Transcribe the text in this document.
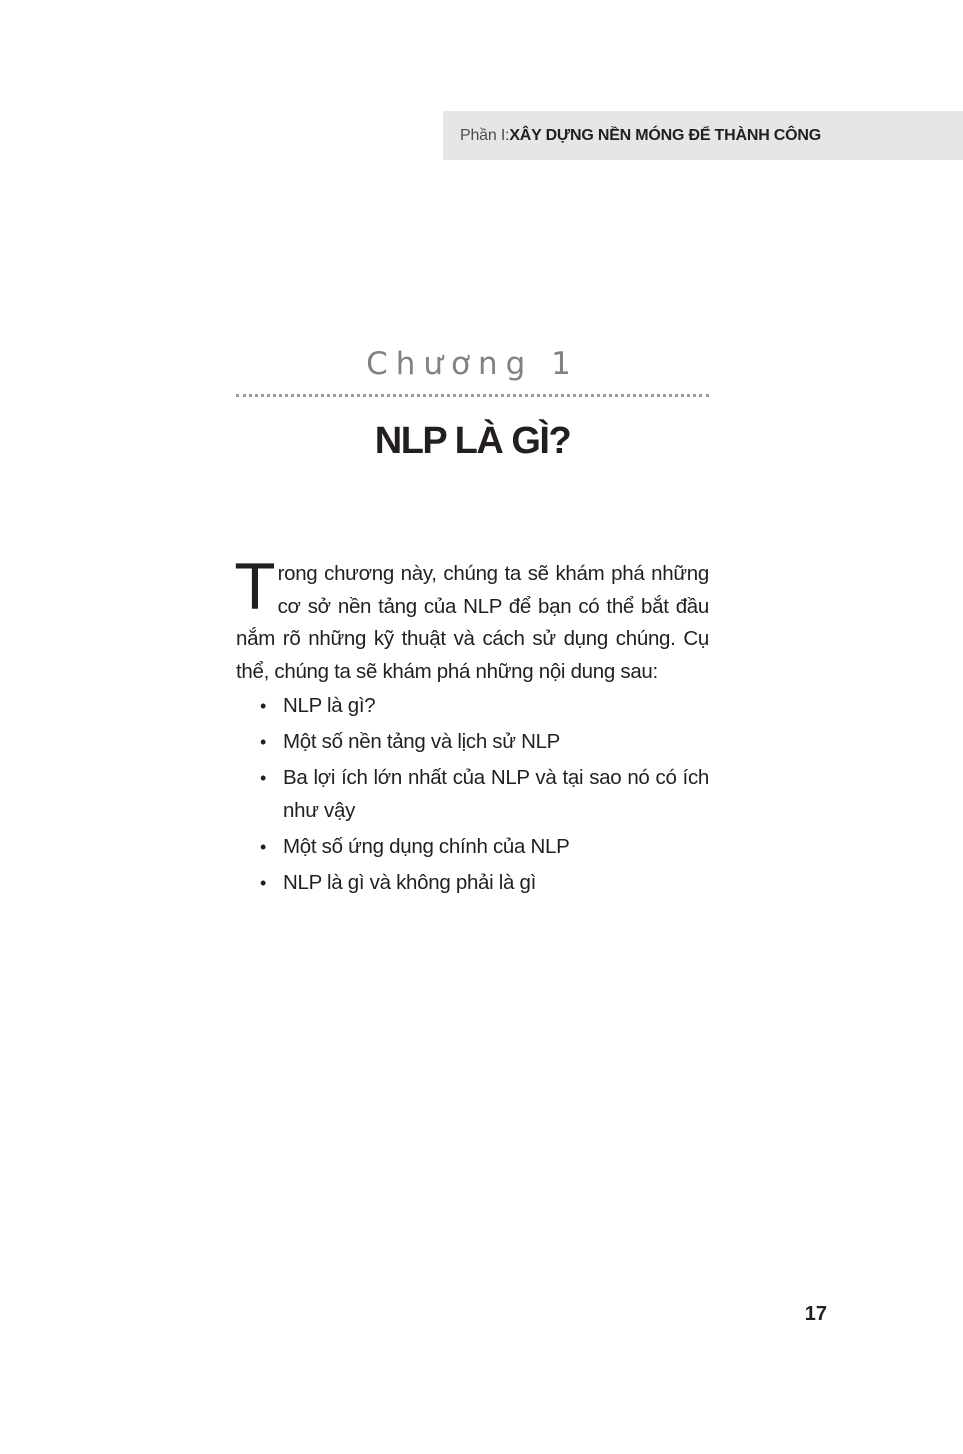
Phần I: XÂY DỰNG NỀN MÓNG ĐỂ THÀNH CÔNG
Chương 1
NLP LÀ GÌ?
T rong chương này, chúng ta sẽ khám phá những cơ sở nền tảng của NLP để bạn có thể bắt đầu nắm rõ những kỹ thuật và cách sử dụng chúng. Cụ thể, chúng ta sẽ khám phá những nội dung sau:
• NLP là gì?
• Một số nền tảng và lịch sử NLP
• Ba lợi ích lớn nhất của NLP và tại sao nó có ích như vậy
• Một số ứng dụng chính của NLP
• NLP là gì và không phải là gì
17
